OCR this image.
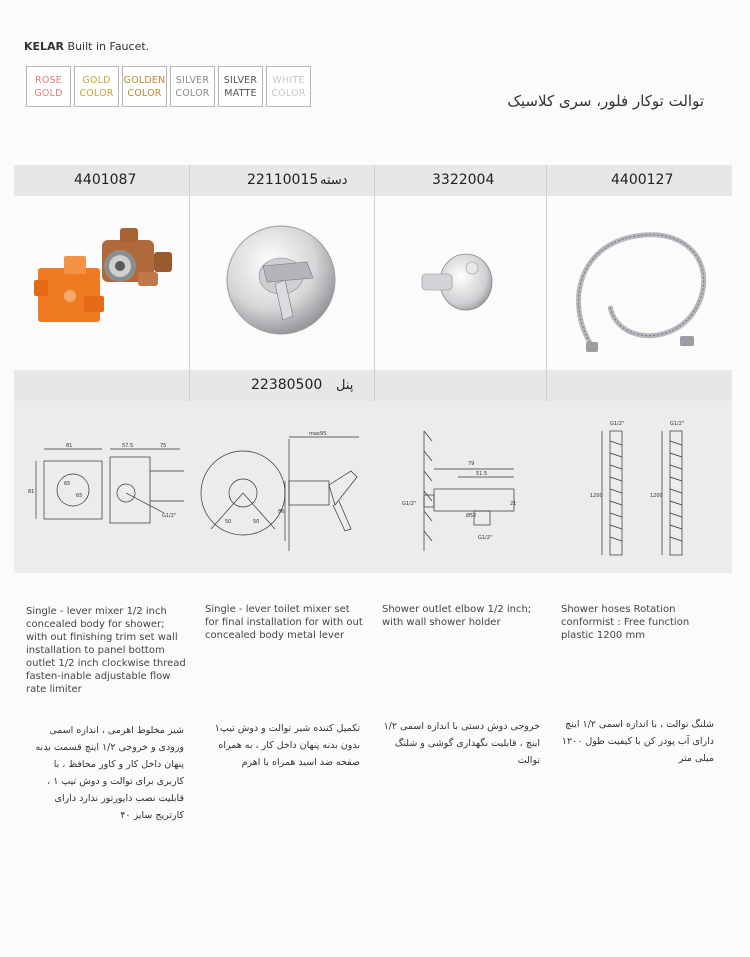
KELAR Built in Faucet.
ROSE
GOLD
GOLD
COLOR
GOLDEN
COLOR
SILVER
COLOR
SILVER
MATTE
WHITE
COLOR	توالت توکار فلور، سری کلاسیک
4401087	22110015 دسته	3322004	4400127
22380500 پنل
81	57.5	75
81
65
65
G1/2"
max95
86
50	50
79
51.5
21
Ø52
G1/2"
G1/2"
G1/2"	G1/2"
1200	1200
Single - lever mixer 1/2 inch concealed body for shower; with out finishing trim set wall installation to panel bottom outlet 1/2 inch clockwise thread fasten-inable adjustable flow rate limiter
Single - lever toilet mixer set for final installation for with out concealed body metal lever
Shower outlet elbow 1/2 inch; with wall shower holder
Shower hoses Rotation conformist : Free function plastic 1200 mm
شیر مخلوط اهرمی ، اندازه اسمی ورودی و خروجی ۱/۲ اینچ قسمت بدنه پنهان داخل کار و کاور محافظ ، با کاربری برای توالت و دوش تیپ ۱ ، قابلیت نصب دایورتور ندارد دارای کارتریج سایز ۴۰
تکمیل کننده شیر توالت و دوش تیپ۱ بدون بدنه پنهان داخل کار ، به همراه صفحه ضد اسید همراه با اهرم
خروجی دوش دستی با اندازه اسمی ۱/۲ اینچ ، قابلیت نگهداری گوشی و شلنگ توالت
شلنگ توالت ، با اندازه اسمی ۱/۲ اینچ دارای آب پودر کن با کیفیت طول ۱۲۰۰ میلی متر
